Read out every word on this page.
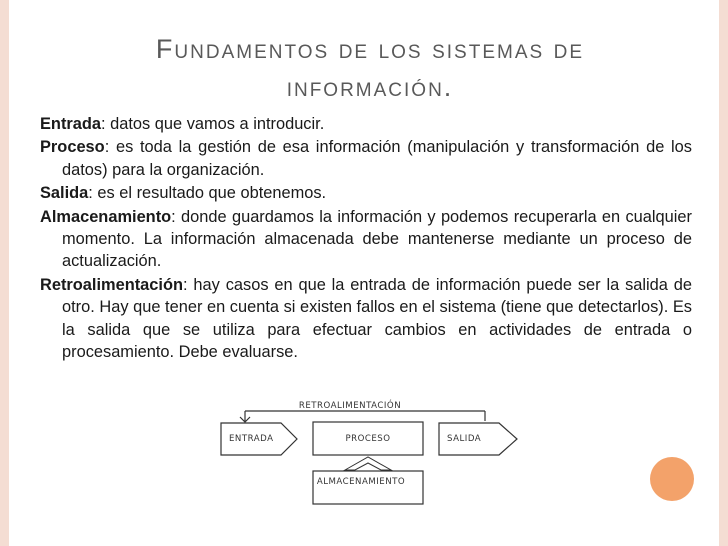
Fundamentos de los sistemas de
información.

Entrada: datos que vamos a introducir.

Proceso: es toda la gestión de esa información (manipulación y transformación de los datos) para la organización.

Salida: es el resultado que obtenemos.

Almacenamiento: donde guardamos la información y podemos recuperarla en cualquier momento. La información almacenada debe mantenerse mediante un proceso de actualización.

Retroalimentación: hay casos en que la entrada de información puede ser la salida de otro. Hay que tener en cuenta si existen fallos en el sistema (tiene que detectarlos). Es la salida que se utiliza para efectuar cambios en actividades de entrada o procesamiento. Debe evaluarse.

RETROALIMENTACIÓN
ENTRADA	PROCESO	SALIDA
ALMACENAMIENTO
